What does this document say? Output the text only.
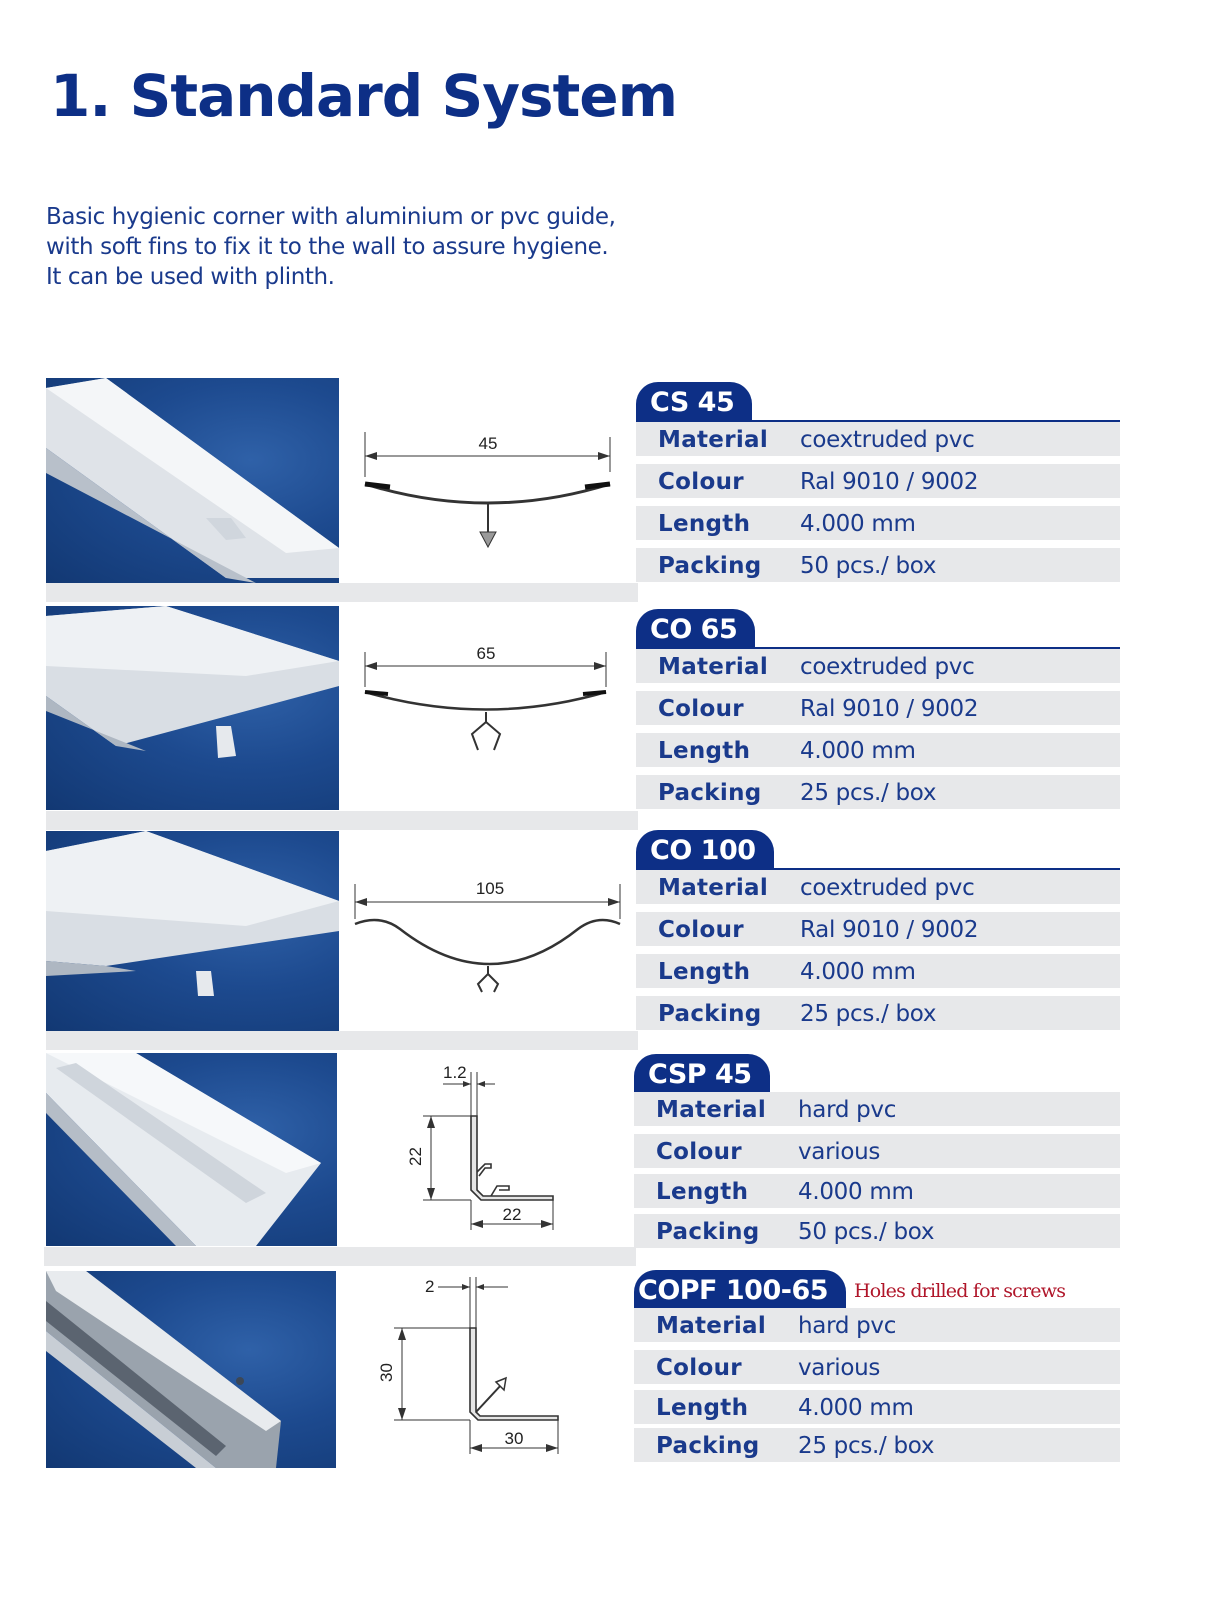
1. Standard System
Basic hygienic corner with aluminium or pvc guide,
with soft fins to fix it to the wall to assure hygiene.
It can be used with plinth.
45
CS 45
Material coextruded pvc
Colour Ral 9010 / 9002
Length 4.000 mm
Packing 50 pcs./ box
65
CO 65
Material coextruded pvc
Colour Ral 9010 / 9002
Length 4.000 mm
Packing 25 pcs./ box
105
CO 100
Material coextruded pvc
Colour Ral 9010 / 9002
Length 4.000 mm
Packing 25 pcs./ box
1.2
22
22
CSP 45
Material hard pvc
Colour various
Length 4.000 mm
Packing 50 pcs./ box
2
30
30
COPF 100-65	Holes drilled for screws
Material hard pvc
Colour various
Length 4.000 mm
Packing 25 pcs./ box
